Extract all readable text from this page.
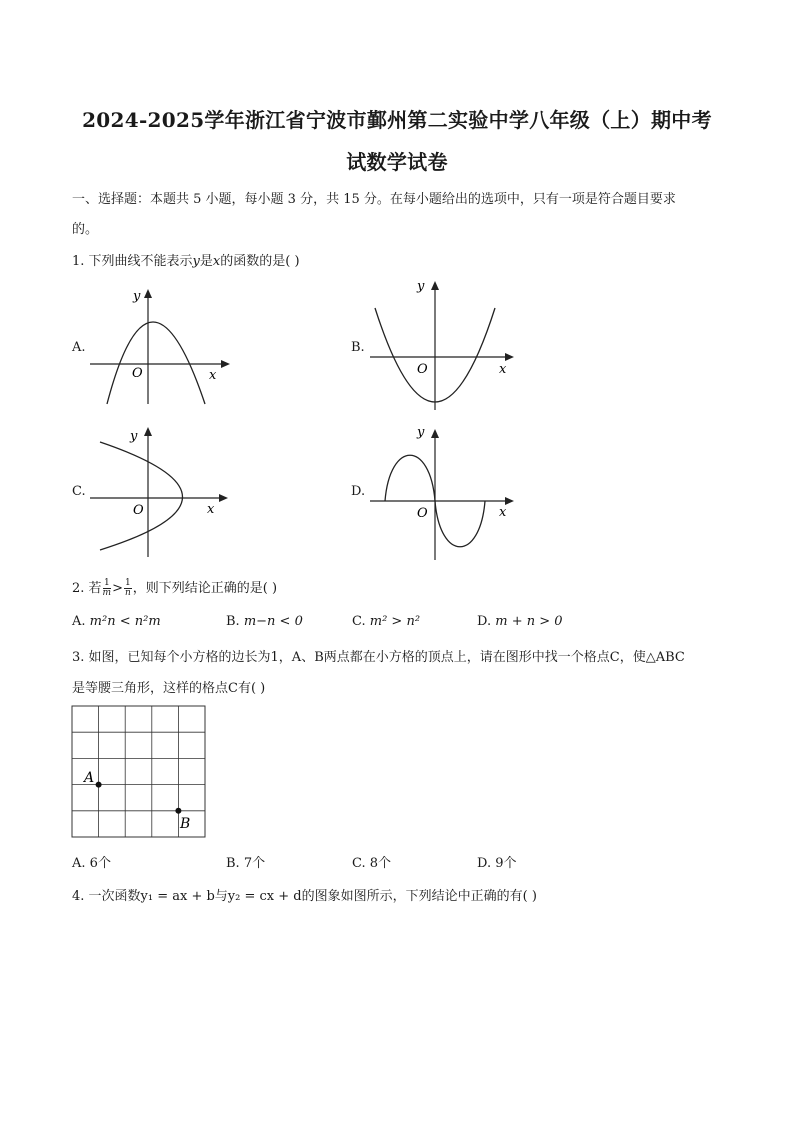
2024-2025学年浙江省宁波市鄞州第二实验中学八年级（上）期中考
试数学试卷
一、选择题：本题共 5 小题，每小题 3 分，共 15 分。在每小题给出的选项中，只有一项是符合题目要求
的。
1. 下列曲线不能表示y是x的函数的是( )
A.
y
x
O
B.
y
x
O
C.
y
x
O
D.
y
x
O
2. 若 $\frac{1}{m} > \frac{1}{n}$ ，则下列结论正确的是( )
A. m²n < n²m	B. m−n < 0	C. m² > n²	D. m + n > 0
3. 如图，已知每个小方格的边长为1，A、B两点都在小方格的顶点上，请在图形中找一个格点C，使△ABC
是等腰三角形，这样的格点C有( )
A
B
A. 6个	B. 7个	C. 8个	D. 9个
4. 一次函数y₁ = ax + b与y₂ = cx + d的图象如图所示，下列结论中正确的有( )
